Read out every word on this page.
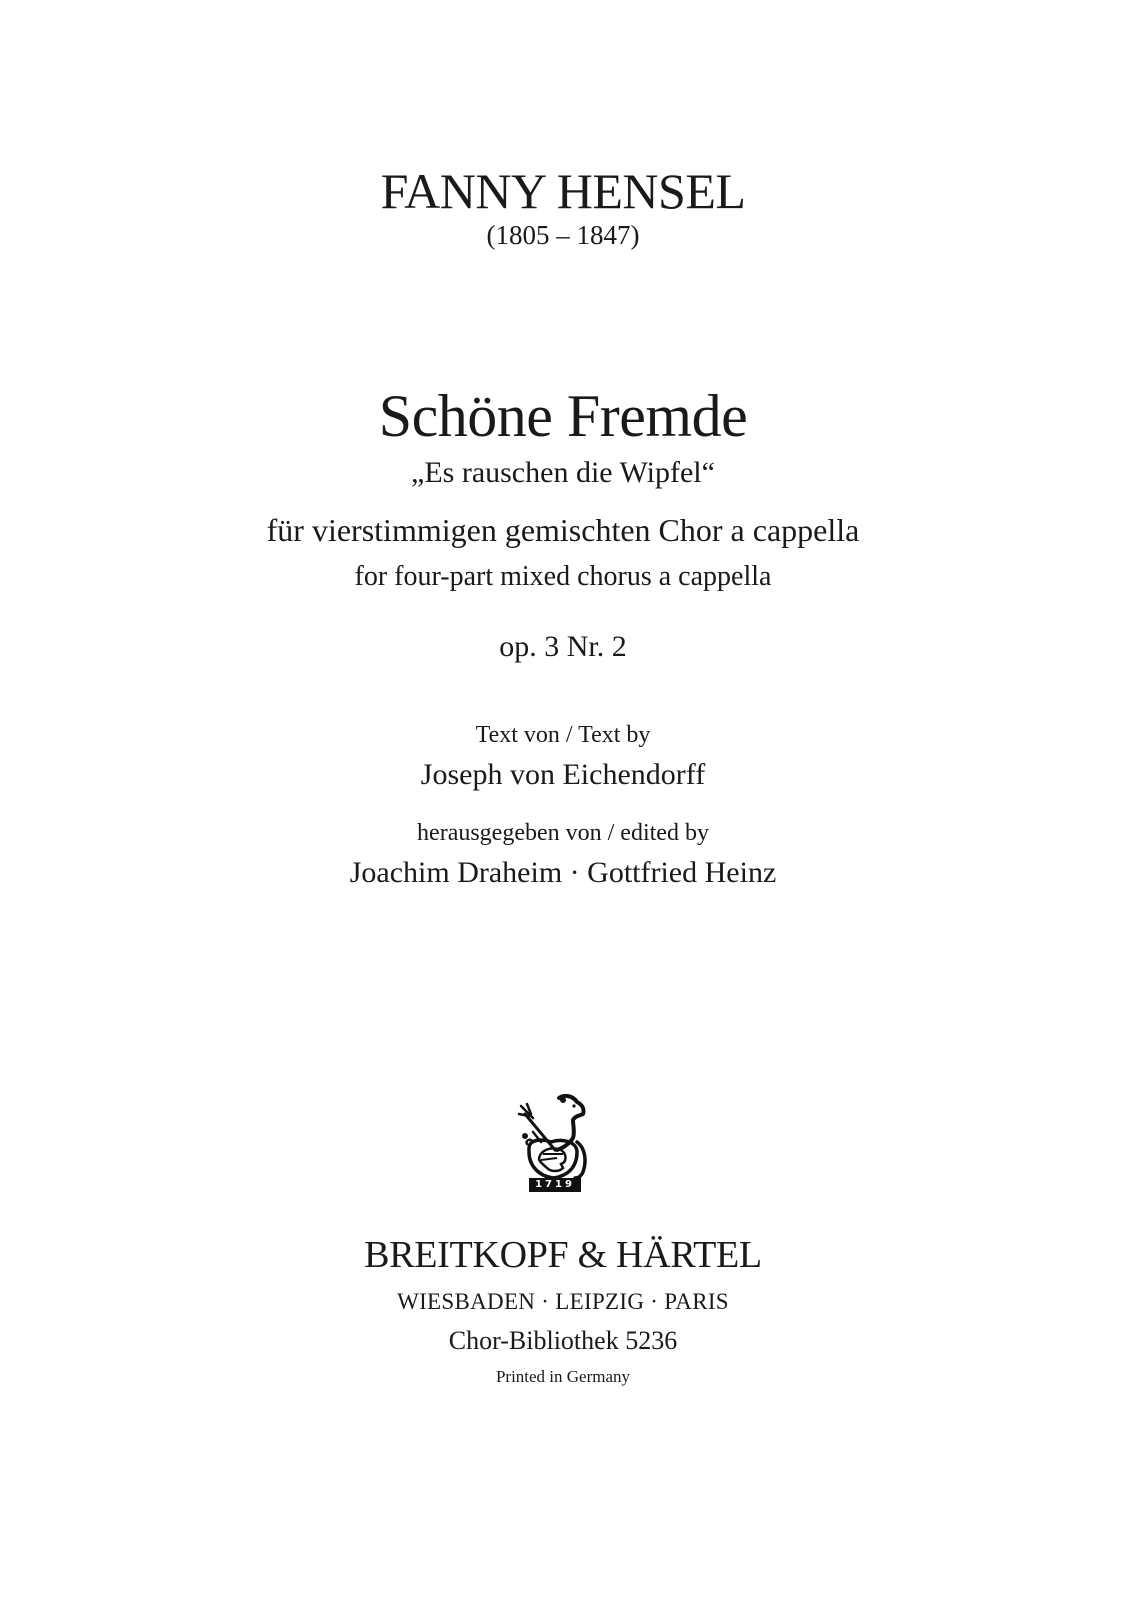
FANNY HENSEL
(1805 – 1847)
Schöne Fremde
„Es rauschen die Wipfel“
für vierstimmigen gemischten Chor a cappella
for four-part mixed chorus a cappella
op. 3 Nr. 2
Text von / Text by
Joseph von Eichendorff
herausgegeben von / edited by
Joachim Draheim · Gottfried Heinz
1719
BREITKOPF & HÄRTEL
WIESBADEN · LEIPZIG · PARIS
Chor-Bibliothek 5236
Printed in Germany
